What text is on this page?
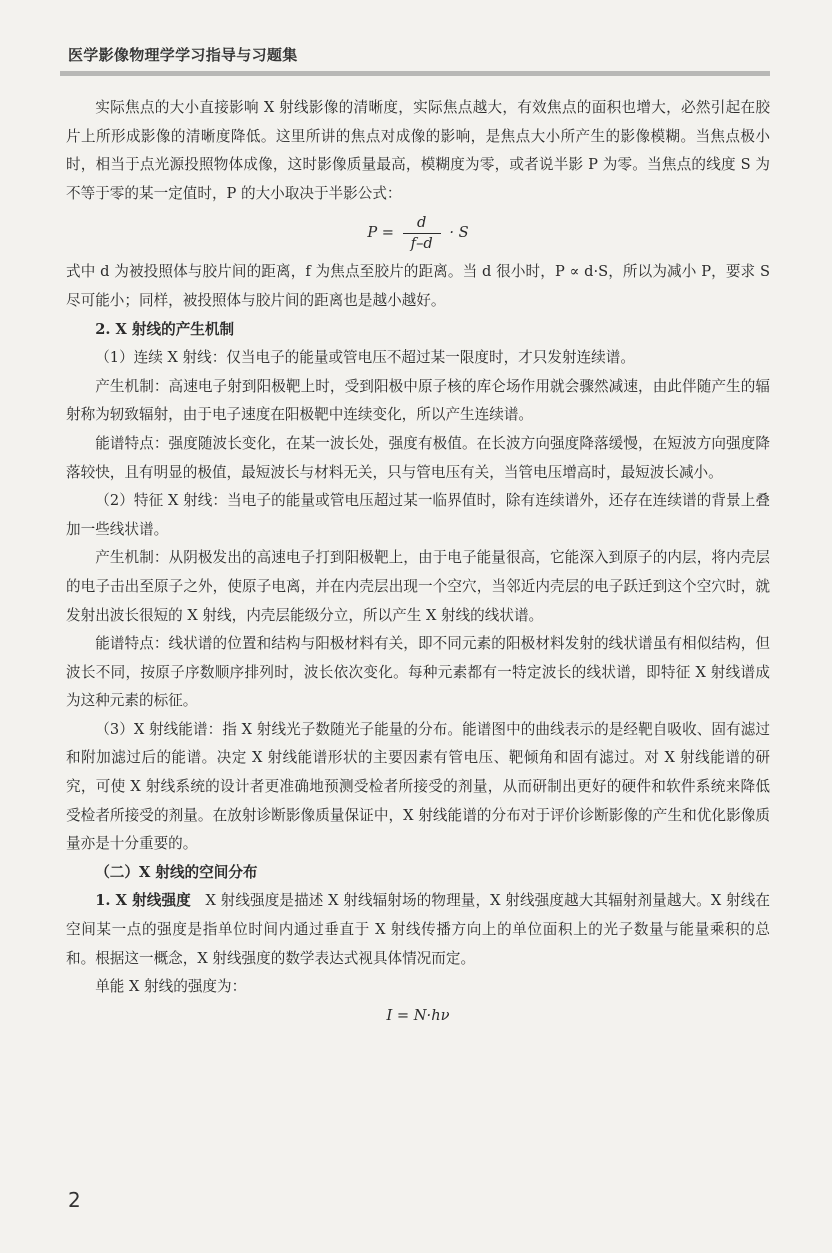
医学影像物理学学习指导与习题集

实际焦点的大小直接影响 X 射线影像的清晰度，实际焦点越大，有效焦点的面积也增大，必然引起在胶片上所形成影像的清晰度降低。这里所讲的焦点对成像的影响，是焦点大小所产生的影像模糊。当焦点极小时，相当于点光源投照物体成像，这时影像质量最高，模糊度为零，或者说半影 P 为零。当焦点的线度 S 为不等于零的某一定值时，P 的大小取决于半影公式：

$P = \frac{d}{f-d} \cdot S$

式中 d 为被投照体与胶片间的距离，f 为焦点至胶片的距离。当 d 很小时，P ∝ d·S，所以为减小 P，要求 S 尽可能小；同样，被投照体与胶片间的距离也是越小越好。

2. X 射线的产生机制

（1）连续 X 射线：仅当电子的能量或管电压不超过某一限度时，才只发射连续谱。

产生机制：高速电子射到阳极靶上时，受到阳极中原子核的库仑场作用就会骤然减速，由此伴随产生的辐射称为轫致辐射，由于电子速度在阳极靶中连续变化，所以产生连续谱。

能谱特点：强度随波长变化，在某一波长处，强度有极值。在长波方向强度降落缓慢，在短波方向强度降落较快，且有明显的极值，最短波长与材料无关，只与管电压有关，当管电压增高时，最短波长减小。

（2）特征 X 射线：当电子的能量或管电压超过某一临界值时，除有连续谱外，还存在连续谱的背景上叠加一些线状谱。

产生机制：从阴极发出的高速电子打到阳极靶上，由于电子能量很高，它能深入到原子的内层，将内壳层的电子击出至原子之外，使原子电离，并在内壳层出现一个空穴，当邻近内壳层的电子跃迁到这个空穴时，就发射出波长很短的 X 射线，内壳层能级分立，所以产生 X 射线的线状谱。

能谱特点：线状谱的位置和结构与阳极材料有关，即不同元素的阳极材料发射的线状谱虽有相似结构，但波长不同，按原子序数顺序排列时，波长依次变化。每种元素都有一特定波长的线状谱，即特征 X 射线谱成为这种元素的标征。

（3）X 射线能谱：指 X 射线光子数随光子能量的分布。能谱图中的曲线表示的是经靶自吸收、固有滤过和附加滤过后的能谱。决定 X 射线能谱形状的主要因素有管电压、靶倾角和固有滤过。对 X 射线能谱的研究，可使 X 射线系统的设计者更准确地预测受检者所接受的剂量，从而研制出更好的硬件和软件系统来降低受检者所接受的剂量。在放射诊断影像质量保证中，X 射线能谱的分布对于评价诊断影像的产生和优化影像质量亦是十分重要的。

（二）X 射线的空间分布

1. X 射线强度　X 射线强度是描述 X 射线辐射场的物理量，X 射线强度越大其辐射剂量越大。X 射线在空间某一点的强度是指单位时间内通过垂直于 X 射线传播方向上的单位面积上的光子数量与能量乘积的总和。根据这一概念，X 射线强度的数学表达式视具体情况而定。

单能 X 射线的强度为：

I = N·hν
2
